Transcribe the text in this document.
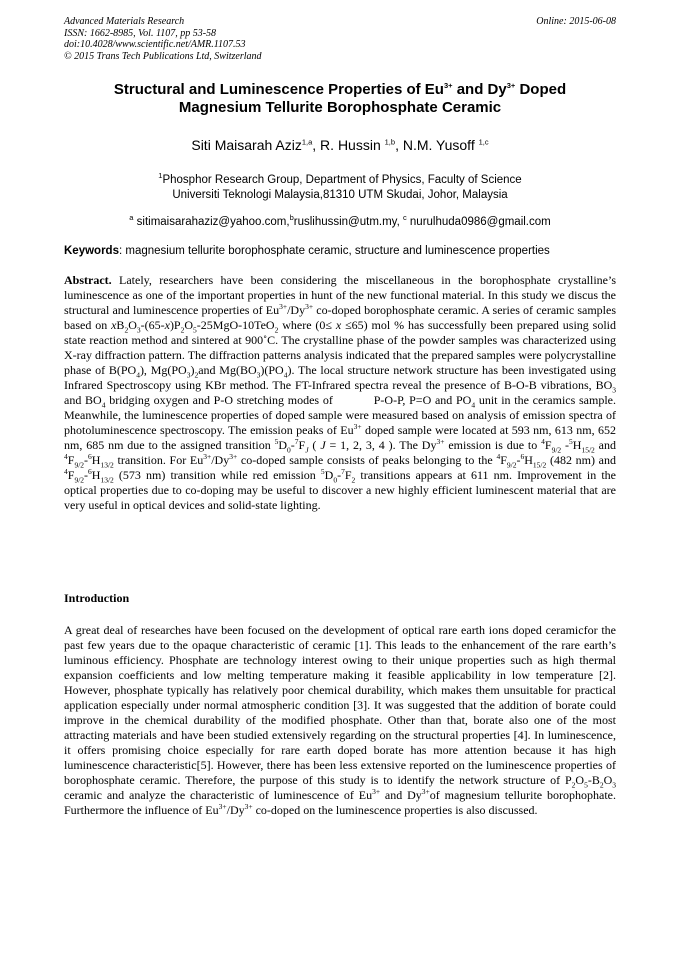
Advanced Materials Research
ISSN: 1662-8985, Vol. 1107, pp 53-58
doi:10.4028/www.scientific.net/AMR.1107.53
© 2015 Trans Tech Publications Ltd, Switzerland
Online: 2015-06-08
Structural and Luminescence Properties of $Eu^{3+}$ and $Dy^{3+}$ Doped
Magnesium Tellurite Borophosphate Ceramic
Siti Maisarah Aziz$^{1,a}$, R. Hussin $^{1,b}$, N.M. Yusoff $^{1,c}$
$^1$Phosphor Research Group, Department of Physics, Faculty of Science
Universiti Teknologi Malaysia,81310 UTM Skudai, Johor, Malaysia
$^a$ sitimaisarahaziz@yahoo.com,$^b$ruslihussin@utm.my, $^c$ nurulhuda0986@gmail.com
Keywords: magnesium tellurite borophosphate ceramic, structure and luminescence properties
Abstract. Lately, researchers have been considering the miscellaneous in the borophosphate crystalline’s luminescence as one of the important properties in hunt of the new functional material. In this study we discus the structural and luminescence properties of $Eu^{3+}/Dy^{3+}$ co-doped borophosphate ceramic. A series of ceramic samples based on $xB_2O_3-(65-x)P_2O_5-25MgO-10TeO_2$ where (0≤ x ≤65) mol % has successfully been prepared using solid state reaction method and sintered at 900˚C. The crystalline phase of the powder samples was characterized using X-ray diffraction pattern. The diffraction patterns analysis indicated that the prepared samples were polycrystalline phase of $B(PO_4)$, $Mg(PO_3)_2and$ $Mg(BO_3)(PO_4)$. The local structure network structure has been investigated using Infrared Spectroscopy using KBr method. The FT-Infrared spectra reveal the presence of B-O-B vibrations, $BO_3$ and $BO_4$ bridging oxygen and P-O stretching modes of           P-O-P, P=O and $PO_4$ unit in the ceramics sample. Meanwhile, the luminescence properties of doped sample were measured based on analysis of emission spectra of photoluminescence spectroscopy. The emission peaks of $Eu^{3+}$ doped sample were located at 593 nm, 613 nm, 652 nm, 685 nm due to the assigned transition $^5D_0-^7F_J$ ( J = 1, 2, 3, 4 ). The $Dy^{3+}$ emission is due to $^4F_{9/2}$ $-^5H_{15/2}$ and $^4F_{9/2}-^6H_{13/2}$ transition. For $Eu^{3+}/Dy^{3+}$ co-doped sample consists of peaks belonging to the $^4F_{9/2}-^6H_{15/2}$ (482 nm) and $^4F_{9/2}-^6H_{13/2}$ (573 nm) transition while red emission $^5D_0-^7F_2$ transitions appears at 611 nm. Improvement in the optical properties due to co-doping may be useful to discover a new highly efficient luminescent material that are very useful in optical devices and solid-state lighting.
Introduction
A great deal of researches have been focused on the development of optical rare earth ions doped ceramicfor the past few years due to the opaque characteristic of ceramic [1]. This leads to the enhancement of the rare earth’s luminous efficiency. Phosphate are technology interest owing to their unique properties such as high thermal expansion coefficients and low melting temperature making it feasible applicability in low temperature [2]. However, phosphate typically has relatively poor chemical durability, which makes them unsuitable for practical application especially under normal atmospheric condition [3]. It was suggested that the addition of borate could improve in the chemical durability of the modified phosphate. Other than that, borate also one of the most attracting materials and have been studied extensively regarding on the structural properties [4]. In luminescence, it offers promising choice especially for rare earth doped borate has more attention because it has high luminescence characteristic[5]. However, there has been less extensive reported on the luminescence properties of borophosphate ceramic. Therefore, the purpose of this study is to identify the network structure of $P_2O_5-B_2O_3$ ceramic and analyze the characteristic of luminescence of $Eu^{3+}$ and $Dy^{3+}of$ magnesium tellurite borophophate. Furthermore the influence of $Eu^{3+}/Dy^{3+}$ co-doped on the luminescence properties is also discussed.
